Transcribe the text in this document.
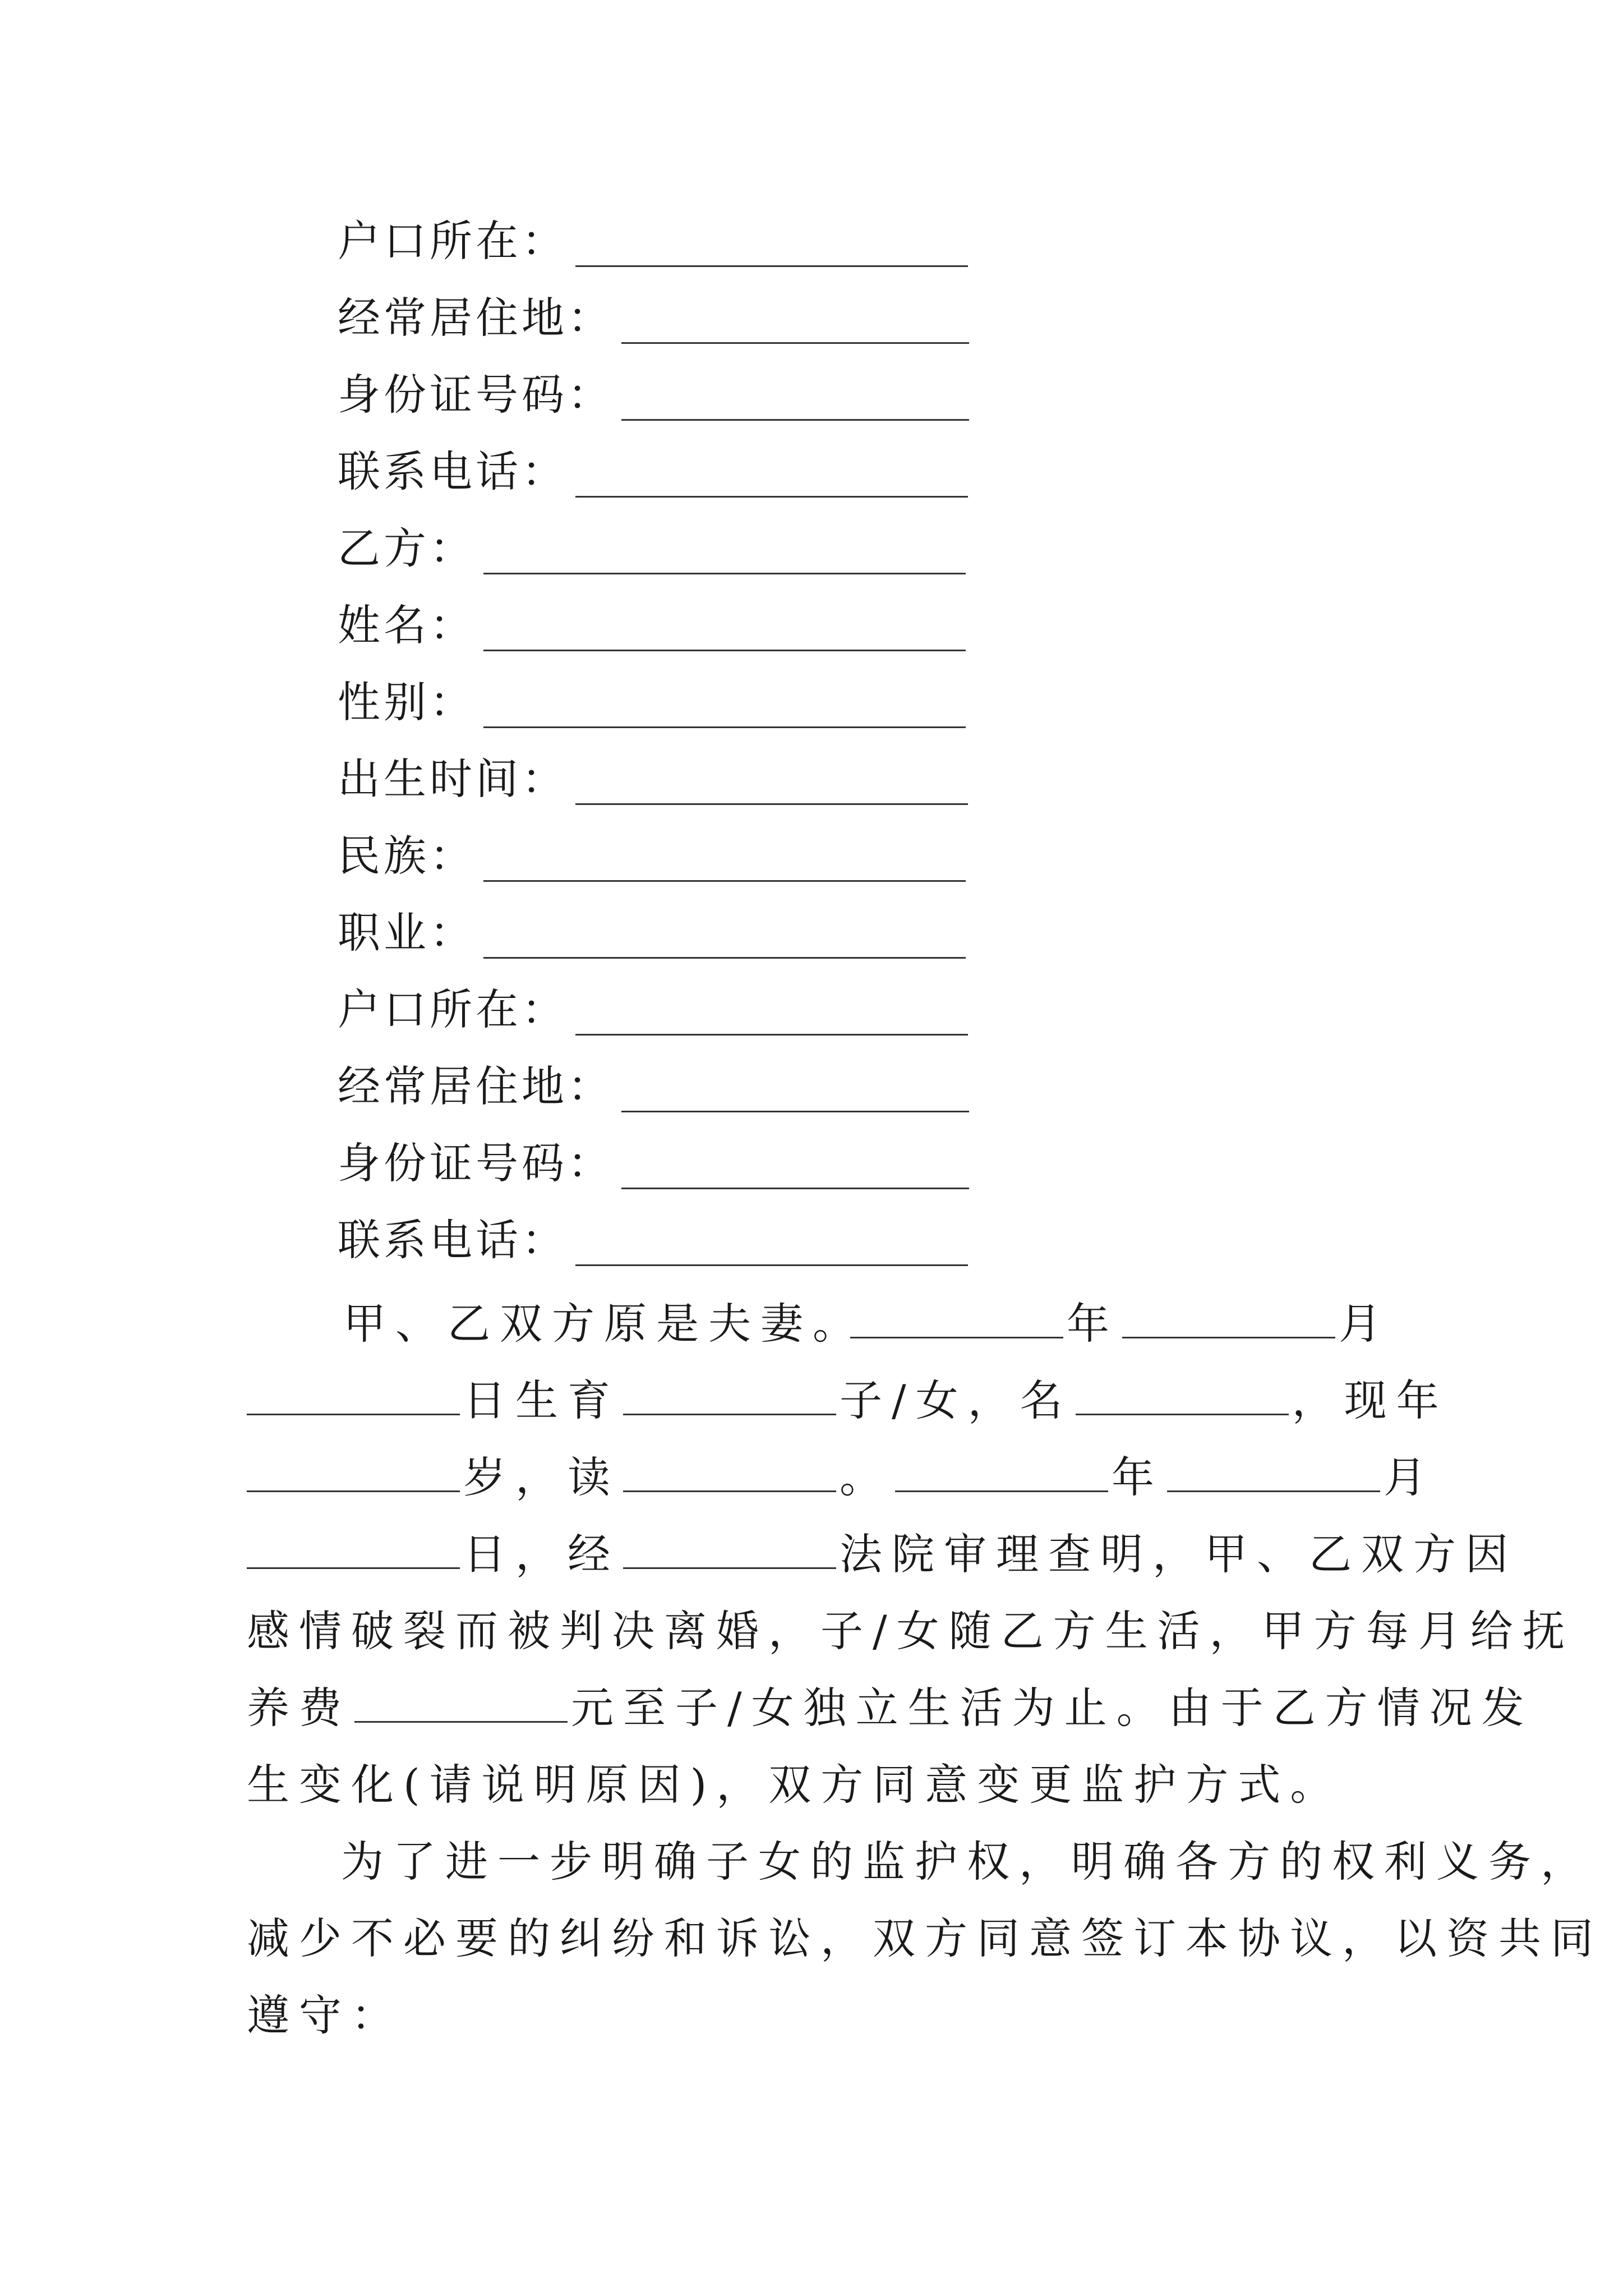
户口所在：
经常居住地：
身份证号码：
联系电话：
乙方：
姓名：
性别：
出生时间：
民族：
职业：
户口所在：
经常居住地：
身份证号码：
联系电话：
甲、乙双方原是夫妻。	年	月
日生育	子/女，名	，现年
岁，读	。	年	月
日，经	法院审理查明，甲、乙双方因
感情破裂而被判决离婚，子/女随乙方生活，甲方每月给抚
养费	元至子/女独立生活为止。由于乙方情况发
生变化(请说明原因)，双方同意变更监护方式。
为了进一步明确子女的监护权，明确各方的权利义务，
减少不必要的纠纷和诉讼，双方同意签订本协议，以资共同
遵守：
